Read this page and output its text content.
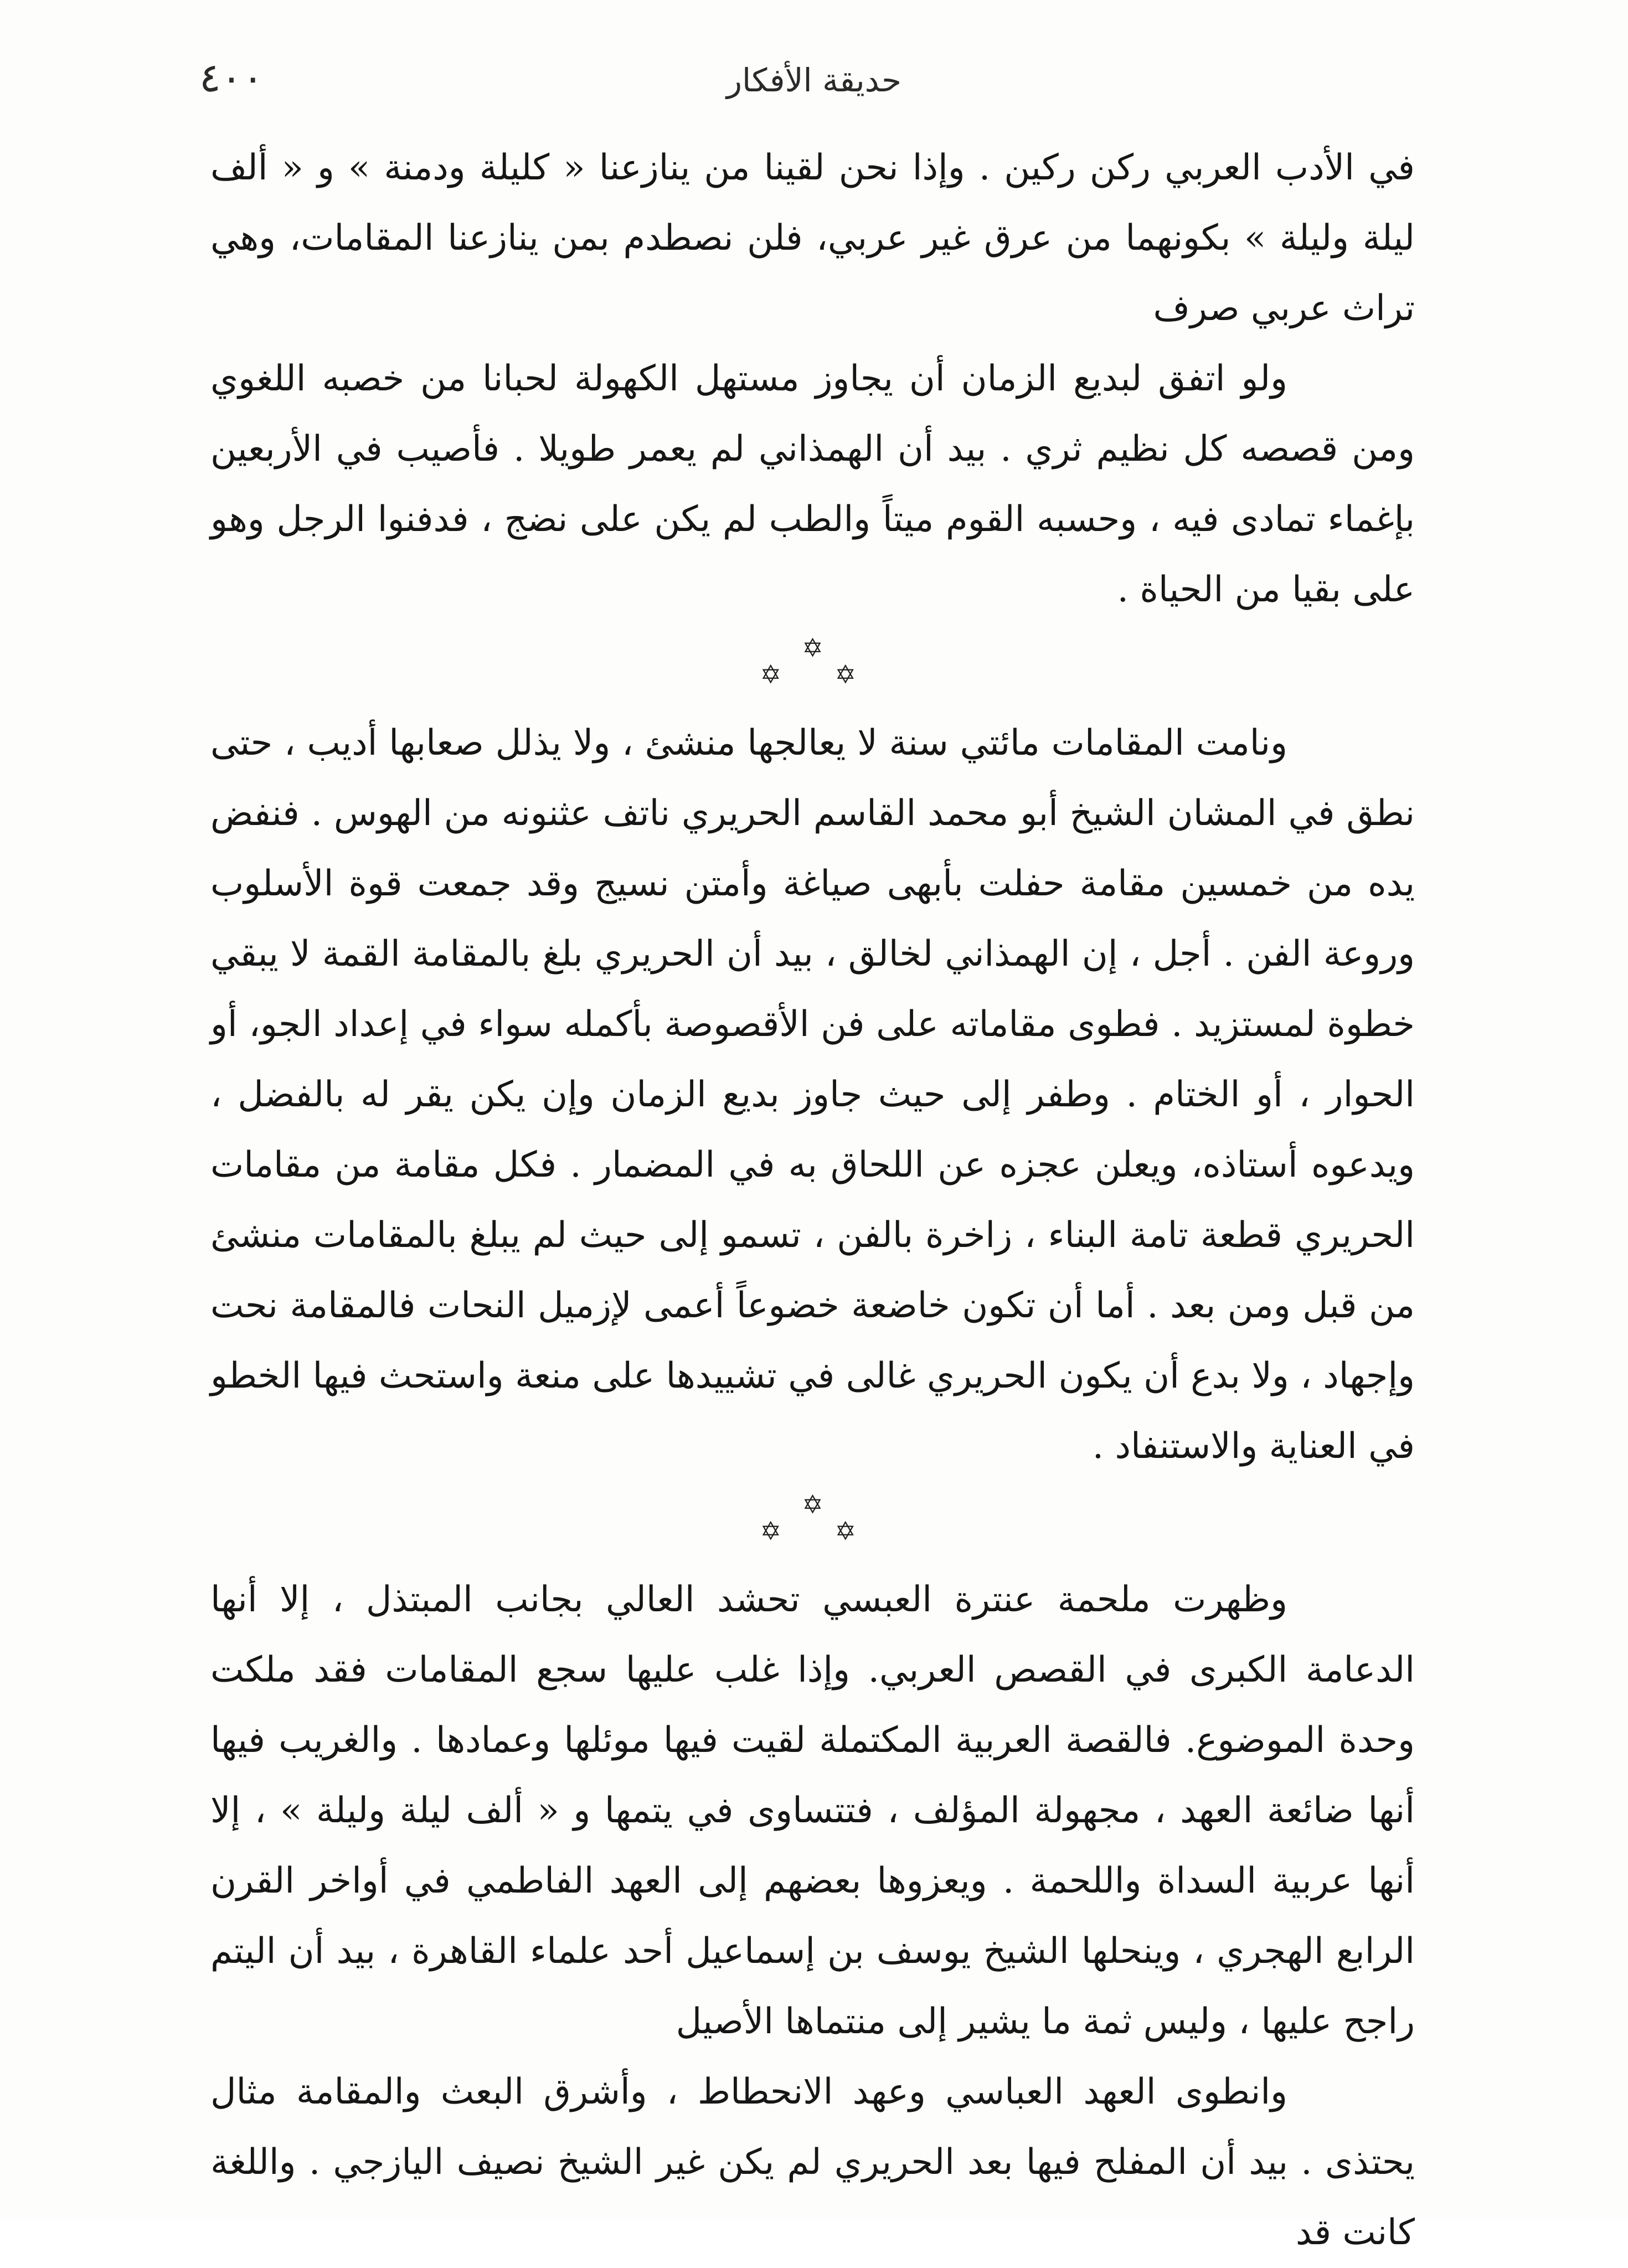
حديقة الأفكار
٤٠٠

في الأدب العربي ركن ركين . وإذا نحن لقينا من ينازعنا « كليلة ودمنة » و « ألف ليلة وليلة » بكونهما من عرق غير عربي، فلن نصطدم بمن ينازعنا المقامات، وهي تراث عربي صرف

ولو اتفق لبديع الزمان أن يجاوز مستهل الكهولة لحبانا من خصبه اللغوي ومن قصصه كل نظيم ثري . بيد أن الهمذاني لم يعمر طويلا . فأصيب في الأربعين بإغماء تمادى فيه ، وحسبه القوم ميتاً والطب لم يكن على نضج ، فدفنوا الرجل وهو على بقيا من الحياة .

✡
✡ ✡

ونامت المقامات مائتي سنة لا يعالجها منشئ ، ولا يذلل صعابها أديب ، حتى نطق في المشان الشيخ أبو محمد القاسم الحريري ناتف عثنونه من الهوس . فنفض يده من خمسين مقامة حفلت بأبهى صياغة وأمتن نسيج وقد جمعت قوة الأسلوب وروعة الفن . أجل ، إن الهمذاني لخالق ، بيد أن الحريري بلغ بالمقامة القمة لا يبقي خطوة لمستزيد . فطوى مقاماته على فن الأقصوصة بأكمله سواء في إعداد الجو، أو الحوار ، أو الختام . وطفر إلى حيث جاوز بديع الزمان وإن يكن يقر له بالفضل ، ويدعوه أستاذه، ويعلن عجزه عن اللحاق به في المضمار . فكل مقامة من مقامات الحريري قطعة تامة البناء ، زاخرة بالفن ، تسمو إلى حيث لم يبلغ بالمقامات منشئ من قبل ومن بعد . أما أن تكون خاضعة خضوعاً أعمى لإزميل النحات فالمقامة نحت وإجهاد ، ولا بدع أن يكون الحريري غالى في تشييدها على منعة واستحث فيها الخطو في العناية والاستنفاد .

✡
✡ ✡

وظهرت ملحمة عنترة العبسي تحشد العالي بجانب المبتذل ، إلا أنها الدعامة الكبرى في القصص العربي. وإذا غلب عليها سجع المقامات فقد ملكت وحدة الموضوع. فالقصة العربية المكتملة لقيت فيها موئلها وعمادها . والغريب فيها أنها ضائعة العهد ، مجهولة المؤلف ، فتتساوى في يتمها و « ألف ليلة وليلة » ، إلا أنها عربية السداة واللحمة . ويعزوها بعضهم إلى العهد الفاطمي في أواخر القرن الرابع الهجري ، وينحلها الشيخ يوسف بن إسماعيل أحد علماء القاهرة ، بيد أن اليتم راجح عليها ، وليس ثمة ما يشير إلى منتماها الأصيل

وانطوى العهد العباسي وعهد الانحطاط ، وأشرق البعث والمقامة مثال يحتذى . بيد أن المفلح فيها بعد الحريري لم يكن غير الشيخ نصيف اليازجي . واللغة كانت قد
